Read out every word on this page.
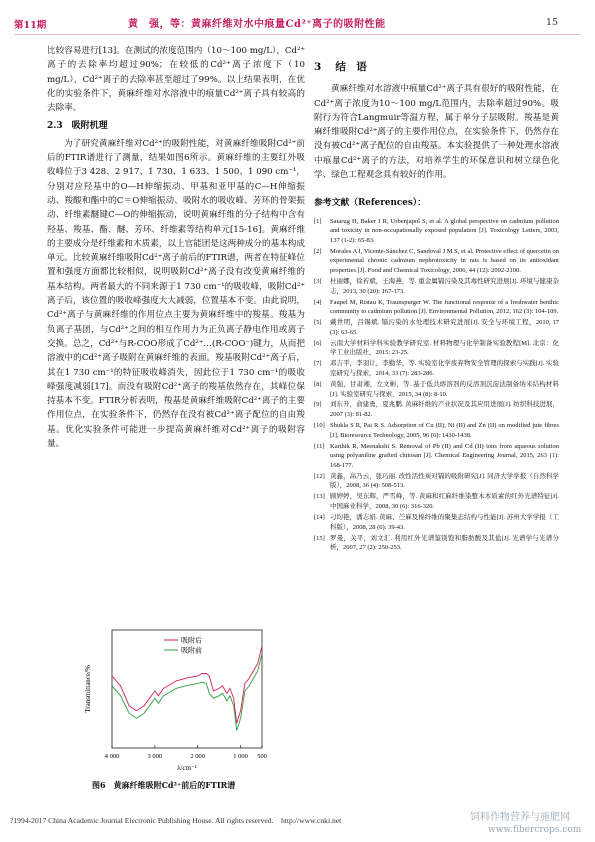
第11期	黄　强，等：黄麻纤维对水中痕量Cd²⁺离子的吸附性能	15

比较容易进行[13]。在测试的浓度范围内（10～100 mg/L），Cd²⁺离子的去除率均超过90%；在较低的Cd²⁺离子浓度下（10 mg/L），Cd²⁺离子的去除率甚至超过了99%。以上结果表明，在优化的实验条件下，黄麻纤维对水溶液中的痕量Cd²⁺离子具有较高的去除率。

2.3　吸附机理

为了研究黄麻纤维对Cd²⁺的吸附性能，对黄麻纤维吸附Cd²⁺前后的FTIR谱进行了测量，结果如图6所示。黄麻纤维的主要红外吸收峰位于3 428、2 917、1 730、1 633、1 500、1 090 cm⁻¹，分别对应羟基中的O—H伸缩振动、甲基和亚甲基的C—H伸缩振动、羧酸和酯中的C＝O伸缩振动、吸附水的吸收峰、芳环的骨架振动、纤维素醚键C—O的伸缩振动，说明黄麻纤维的分子结构中含有羟基、羧基、酯、醚、芳环、纤维素等结构单元[15-16]。黄麻纤维的主要成分是纤维素和木质素，以上官能团是这两种成分的基本构成单元。比较黄麻纤维吸附Cd²⁺离子前后的FTIR谱，两者在特征峰位置和强度方面都比较相似，说明吸附Cd²⁺离子没有改变黄麻纤维的基本结构。两者最大的不同来源于1 730 cm⁻¹的吸收峰，吸附Cd²⁺离子后，该位置的吸收峰强度大大减弱，位置基本不变。由此说明，Cd²⁺离子与黄麻纤维的作用位点主要为黄麻纤维中的羧基。羧基为负离子基团，与Cd²⁺之间的相互作用力为正负离子静电作用或离子交换。总之，Cd²⁺与R-COO形成了Cd²⁺…(R-COO⁻)键力，从而把溶液中的Cd²⁺离子吸附在黄麻纤维的表面。羧基吸附Cd²⁺离子后，其在1 730 cm⁻¹的特征吸收峰消失，因此位于1 730 cm⁻¹的吸收峰强度减弱[17]。而没有吸附Cd²⁺离子的羧基依然存在，其峰位保持基本不变。FTIR分析表明，羧基是黄麻纤维吸附Cd²⁺离子的主要作用位点，在实验条件下，仍然存在没有被Cd²⁺离子配位的自由羧基。优化实验条件可能进一步提高黄麻纤维对Cd²⁺离子的吸附容量。

3 结　语

黄麻纤维对水溶液中痕量Cd²⁺离子具有很好的吸附性能，在Cd²⁺离子浓度为10～100 mg/L范围内，去除率超过90%。吸附行为符合Langmuir等温方程，属于单分子层吸附。羧基是黄麻纤维吸附Cd²⁺离子的主要作用位点，在实验条件下，仍然存在没有被Cd²⁺离子配位的自由羧基。本实验提供了一种处理水溶液中痕量Cd²⁺离子的方法，对培养学生的环保意识和树立绿色化学、绿色工程观念具有较好的作用。

参考文献（References）：
[1]	Satarug H, Baker J R, Urbenjapol S, et al. A global perspective on cadmium pollution and toxicity in non-occupationally exposed population [J]. Toxicology Letters, 2003, 137 (1-2): 65-83.
[2]	Morales A I, Vicente-Sánchez C, Sandoval J M S, et al. Protective effect of quercetin on experimental chronic cadmium nephrotoxicity in rats is based on its antioxidant properties [J]. Food and Chemical Toxicology, 2006, 44 (12): 2092-2100.
[3]	杜丽娜，徐若斌，王海燕，等. 重金属镉污染及其毒性研究进展[J]. 环境与健康杂志，2013, 30 (20): 167-173.
[4]	Faupel M, Ristau K, Traunspurger W. The functional response of a freshwater benthic community to cadmium pollution [J]. Environmental Pollution, 2012, 162 (3): 104-109.
[5]	戴世明，吕锡斌. 镉污染的水处理技术研究进展[J]. 安全与环境工程，2010, 17 (3): 63-65.
[6]	云南大学材料学科实验教学研究室. 材料物理与化学制备实验教程[M]. 北京：化学工业出版社，2015: 23-25.
[7]	邓吉平，李羽让，李勤华，等. 实验室化学废弃物安全管理的探索与实践[J]. 实验室研究与探索，2014, 33 (7): 283-286.
[8]	黄强，甘肃湘，左文彬，等. 基于低共熔溶剂的反溶剂沉淀法制备纳米结构材料[J]. 实验室研究与探索，2015, 34 (8): 8-10.
[9]	刘东升，俞建勇，夏兆鹏. 黄麻纤维的产业状况及其应用进展[J]. 纺织科技进展，2007 (3): 81-82.
[10] Shukla S R, Pai R S. Adsorption of Cu (II), Ni (II) and Zn (II) on modified jute fibres [J]. Bioresource Technology, 2005, 96 (6): 1430-1438.
[11] Karthik R, Meenakshi S. Removal of Pb (II) and Cd (II) ions from aqueous solution using polyaniline grafted chitosan [J]. Chemical Engineering Journal, 2015, 263 (1): 168-177.
[12] 黄鑫，高乃云，张巧丽. 改性活性炭对镉的吸附研究[J]. 同济大学学报（自然科学版），2008, 36 (4): 508-513.
[13] 顾婷婷，吴东辉，严雪峰，等. 黄麻和红麻纤维染整木本质素的红外光谱特征[J]. 中国麻业科学，2008, 30 (6): 316-320.
[14] 刁均艳，潘志娟. 黄麻、苎麻及棉纤维的聚集态结构与性能[J]. 苏州大学学报（工科版），2008, 28 (6): 39-43.
[15] 罗曼，关平，刘文汇. 利用红外光谱鉴别饱和脂肪酸及其盐[J]. 光谱学与光谱分析，2007, 27 (2): 250-253.
4 000	3 000	2 000	1 000 500
Transmittance/%
λ/cm⁻¹
吸附后
吸附前
图6　黄麻纤维吸附Cd²⁺前后的FTIR谱
?1994-2017 China Academic Journal Electronic Publishing House. All rights reserved.　http://www.cnki.net	饲料作物营养与施肥网
www.fibercrops.com
